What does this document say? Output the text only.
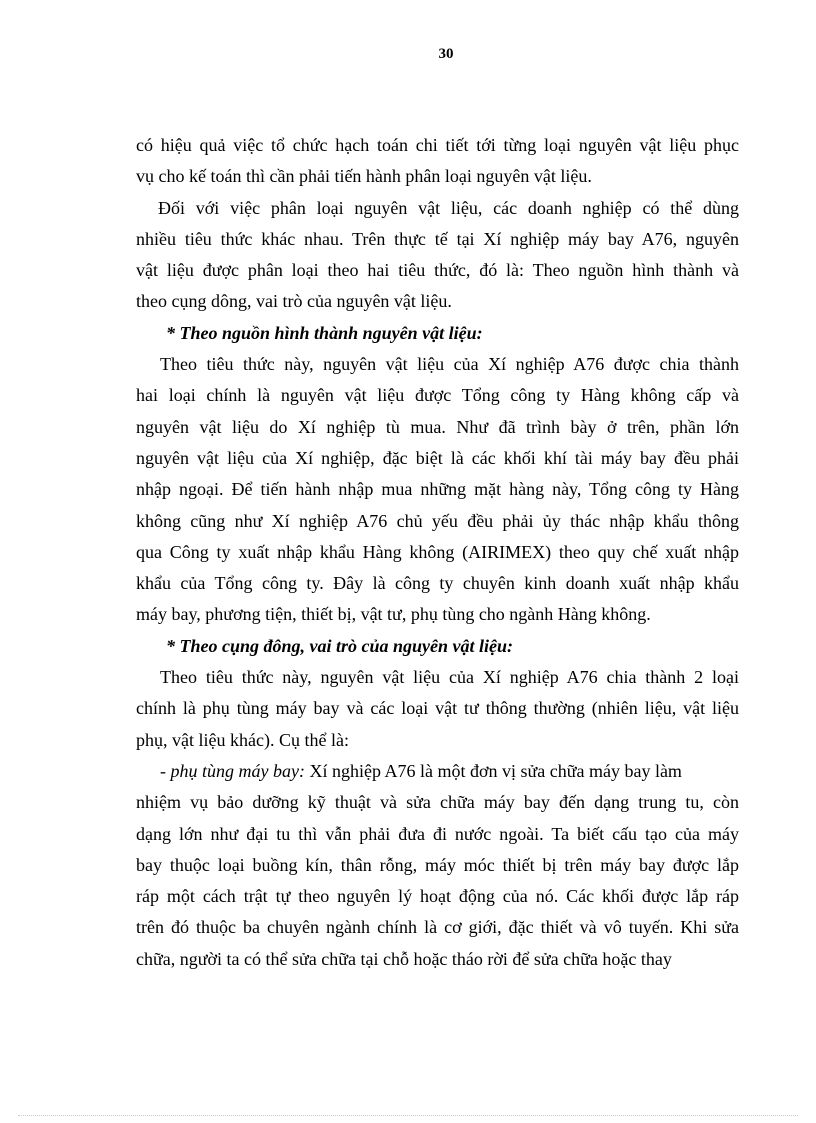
30
có hiệu quả việc tổ chức hạch toán chi tiết tới từng loại nguyên vật liệu phục
vụ cho kế toán thì cần phải tiến hành phân loại nguyên vật liệu.
Đối với việc phân loại nguyên vật liệu, các doanh nghiệp có thể dùng
nhiều tiêu thức khác nhau. Trên thực tế tại Xí nghiệp máy bay A76, nguyên
vật liệu được phân loại theo hai tiêu thức, đó là: Theo nguồn hình thành và
theo cụng dông, vai trò của nguyên vật liệu.
* Theo nguồn hình thành nguyên vật liệu:
Theo tiêu thức này, nguyên vật liệu của Xí nghiệp A76 được chia thành
hai loại chính là nguyên vật liệu được Tổng công ty Hàng không cấp và
nguyên vật liệu do Xí nghiệp tù mua. Như đã trình bày ở trên, phần lớn
nguyên vật liệu của Xí nghiệp, đặc biệt là các khối khí tài máy bay đều phải
nhập ngoại. Để tiến hành nhập mua những mặt hàng này, Tổng công ty Hàng
không cũng như Xí nghiệp A76 chủ yếu đều phải ủy thác nhập khẩu thông
qua Công ty xuất nhập khẩu Hàng không (AIRIMEX) theo quy chế xuất nhập
khẩu của Tổng công ty. Đây là công ty chuyên kinh doanh xuất nhập khẩu
máy bay, phương tiện, thiết bị, vật tư, phụ tùng cho ngành Hàng không.
* Theo cụng đông, vai trò của nguyên vật liệu:
Theo tiêu thức này, nguyên vật liệu của Xí nghiệp A76 chia thành 2 loại
chính là phụ tùng máy bay và các loại vật tư thông thường (nhiên liệu, vật liệu
phụ, vật liệu khác). Cụ thể là:
- phụ tùng máy bay: Xí nghiệp A76 là một đơn vị sửa chữa máy bay làm
nhiệm vụ bảo dưỡng kỹ thuật và sửa chữa máy bay đến dạng trung tu, còn
dạng lớn như đại tu thì vẫn phải đưa đi nước ngoài. Ta biết cấu tạo của máy
bay thuộc loại buồng kín, thân rỗng, máy móc thiết bị trên máy bay được lắp
ráp một cách trật tự theo nguyên lý hoạt động của nó. Các khối được lắp ráp
trên đó thuộc ba chuyên ngành chính là cơ giới, đặc thiết và vô tuyến. Khi sửa
chữa, người ta có thể sửa chữa tại chỗ hoặc tháo rời để sửa chữa hoặc thay
